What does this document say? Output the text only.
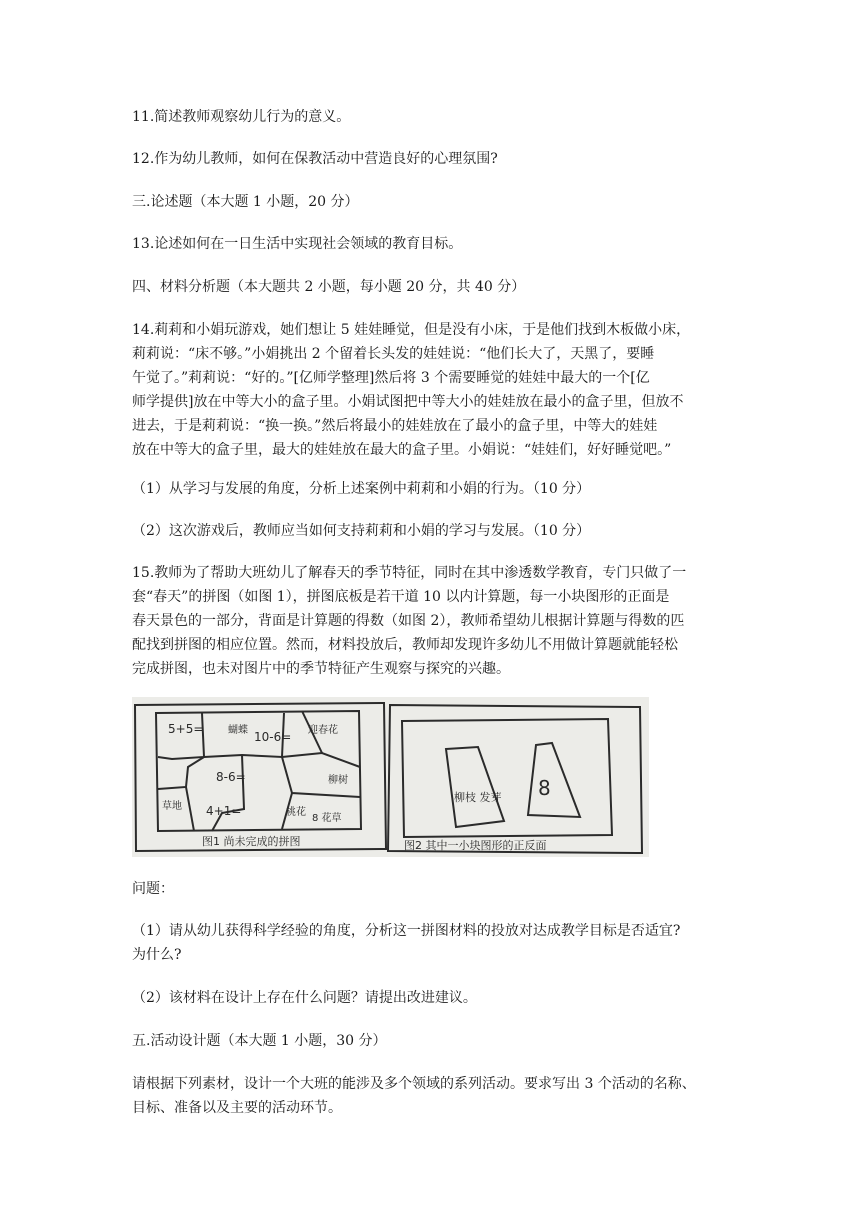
11.简述教师观察幼儿行为的意义。

12.作为幼儿教师，如何在保教活动中营造良好的心理氛围?

三.论述题（本大题 1 小题，20 分）

13.论述如何在一日生活中实现社会领域的教育目标。

四、材料分析题（本大题共 2 小题，每小题 20 分，共 40 分）

14.莉莉和小娟玩游戏，她们想让 5 娃娃睡觉，但是没有小床，于是他们找到木板做小床，
莉莉说：“床不够。”小娟挑出 2 个留着长头发的娃娃说：“他们长大了，天黑了，要睡
午觉了。”莉莉说：“好的。”[亿师学整理]然后将 3 个需要睡觉的娃娃中最大的一个[亿
师学提供]放在中等大小的盒子里。小娟试图把中等大小的娃娃放在最小的盒子里，但放不
进去，于是莉莉说：“换一换。”然后将最小的娃娃放在了最小的盒子里，中等大的娃娃
放在中等大的盒子里，最大的娃娃放在最大的盒子里。小娟说：“娃娃们，好好睡觉吧。”

（1）从学习与发展的角度，分析上述案例中莉莉和小娟的行为。（10 分）

（2）这次游戏后，教师应当如何支持莉莉和小娟的学习与发展。（10 分）

15.教师为了帮助大班幼儿了解春天的季节特征，同时在其中渗透数学教育，专门只做了一
套“春天”的拼图（如图 1），拼图底板是若干道 10 以内计算题，每一小块图形的正面是
春天景色的一部分，背面是计算题的得数（如图 2），教师希望幼儿根据计算题与得数的匹
配找到拼图的相应位置。然而，材料投放后，教师却发现许多幼儿不用做计算题就能轻松
完成拼图，也未对图片中的季节特征产生观察与探究的兴趣。
5+5= 蝴蝶 10-6= 迎春花
8-6=	柳树
草地 4+1=	桃花
8 花草
图1 尚未完成的拼图
柳枝 发芽 8
图2 其中一小块图形的正反面

问题：

（1）请从幼儿获得科学经验的角度，分析这一拼图材料的投放对达成教学目标是否适宜?
为什么?

（2）该材料在设计上存在什么问题？请提出改进建议。

五.活动设计题（本大题 1 小题，30 分）

请根据下列素材，设计一个大班的能涉及多个领域的系列活动。要求写出 3 个活动的名称、
目标、准备以及主要的活动环节。
